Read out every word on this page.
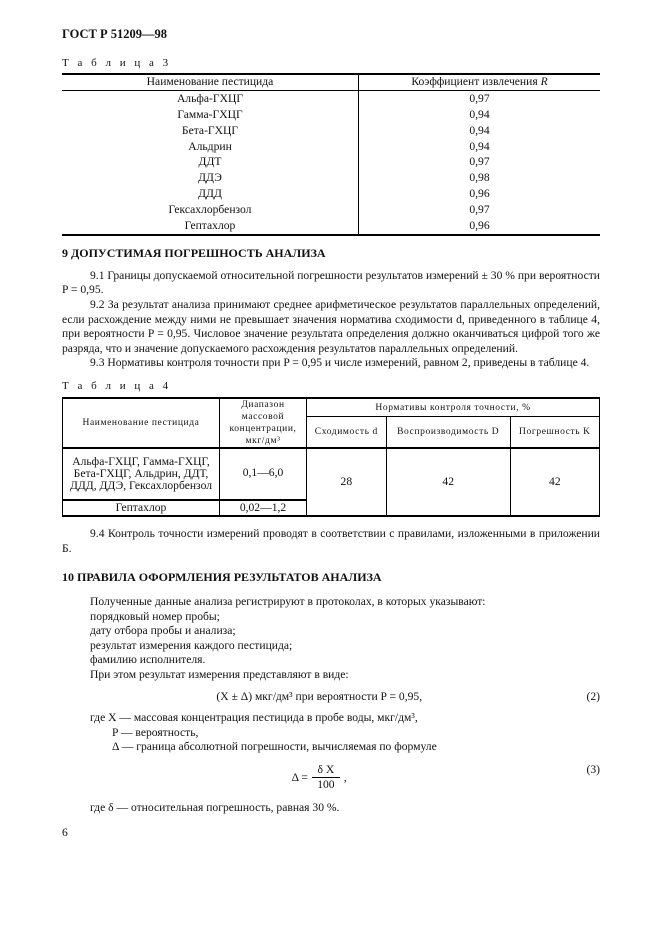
ГОСТ Р 51209—98
Т а б л и ц а 3
Наименование пестицида	Коэффициент извлечения R
Альфа-ГХЦГ	0,97
Гамма-ГХЦГ	0,94
Бета-ГХЦГ	0,94
Альдрин	0,94
ДДТ	0,97
ДДЭ	0,98
ДДД	0,96
Гексахлорбензол	0,97
Гептахлор	0,96
9 ДОПУСТИМАЯ ПОГРЕШНОСТЬ АНАЛИЗА

9.1 Границы допускаемой относительной погрешности результатов измерений ± 30 % при вероятности P = 0,95.

9.2 За результат анализа принимают среднее арифметическое результатов параллельных определений, если расхождение между ними не превышает значения норматива сходимости d, приведенного в таблице 4, при вероятности P = 0,95. Числовое значение результата определения должно оканчиваться цифрой того же разряда, что и значение допускаемого расхождения результатов параллельных определений.

9.3 Нормативы контроля точности при P = 0,95 и числе измерений, равном 2, приведены в таблице 4.

Т а б л и ц а 4
Наименование пестицида	Диапазон массовой концентрации, мкг/дм³	Нормативы контроля точности, %		
		Сходимость d	Воспроизводимость D	Погрешность K
Альфа-ГХЦГ, Гамма-ГХЦГ, Бета-ГХЦГ, Альдрин, ДДТ, ДДД, ДДЭ, Гексахлорбензол	0,1—6,0	28	42	42
Гептахлор	0,02—1,2			

9.4 Контроль точности измерений проводят в соответствии с правилами, изложенными в приложении Б.

10 ПРАВИЛА ОФОРМЛЕНИЯ РЕЗУЛЬТАТОВ АНАЛИЗА
Полученные данные анализа регистрируют в протоколах, в которых указывают:
порядковый номер пробы;
дату отбора пробы и анализа;
результат измерения каждого пестицида;
фамилию исполнителя.
При этом результат измерения представляют в виде:
(X ± Δ) мкг/дм³ при вероятности P = 0,95,	(2)
где X — массовая концентрация пестицида в пробе воды, мкг/дм³,
P — вероятность,
Δ — граница абсолютной погрешности, вычисляемая по формуле
$\Delta = \frac{\text{δ X}}{100}$ ,
(3)
где δ — относительная погрешность, равная 30 %.
6
